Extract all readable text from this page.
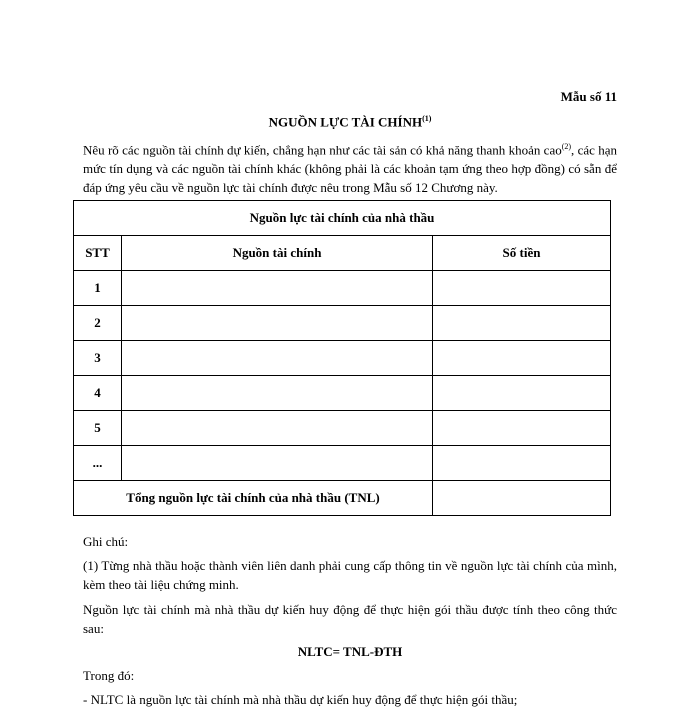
Mẫu số 11
NGUỒN LỰC TÀI CHÍNH$^{(1)}$
Nêu rõ các nguồn tài chính dự kiến, chẳng hạn như các tài sản có khả năng thanh khoản cao$^{(2)}$, các hạn mức tín dụng và các nguồn tài chính khác (không phải là các khoản tạm ứng theo hợp đồng) có sẵn để đáp ứng yêu cầu về nguồn lực tài chính được nêu trong Mẫu số 12 Chương này.
Nguồn lực tài chính của nhà thầu		
STT	Nguồn tài chính	Số tiền
1		
2		
3		
4		
5		
...		
Tổng nguồn lực tài chính của nhà thầu (TNL)		
Ghi chú:
(1) Từng nhà thầu hoặc thành viên liên danh phải cung cấp thông tin về nguồn lực tài chính của mình, kèm theo tài liệu chứng minh.
Nguồn lực tài chính mà nhà thầu dự kiến huy động để thực hiện gói thầu được tính theo công thức sau:
NLTC= TNL-ĐTH
Trong đó:
- NLTC là nguồn lực tài chính mà nhà thầu dự kiến huy động để thực hiện gói thầu;
